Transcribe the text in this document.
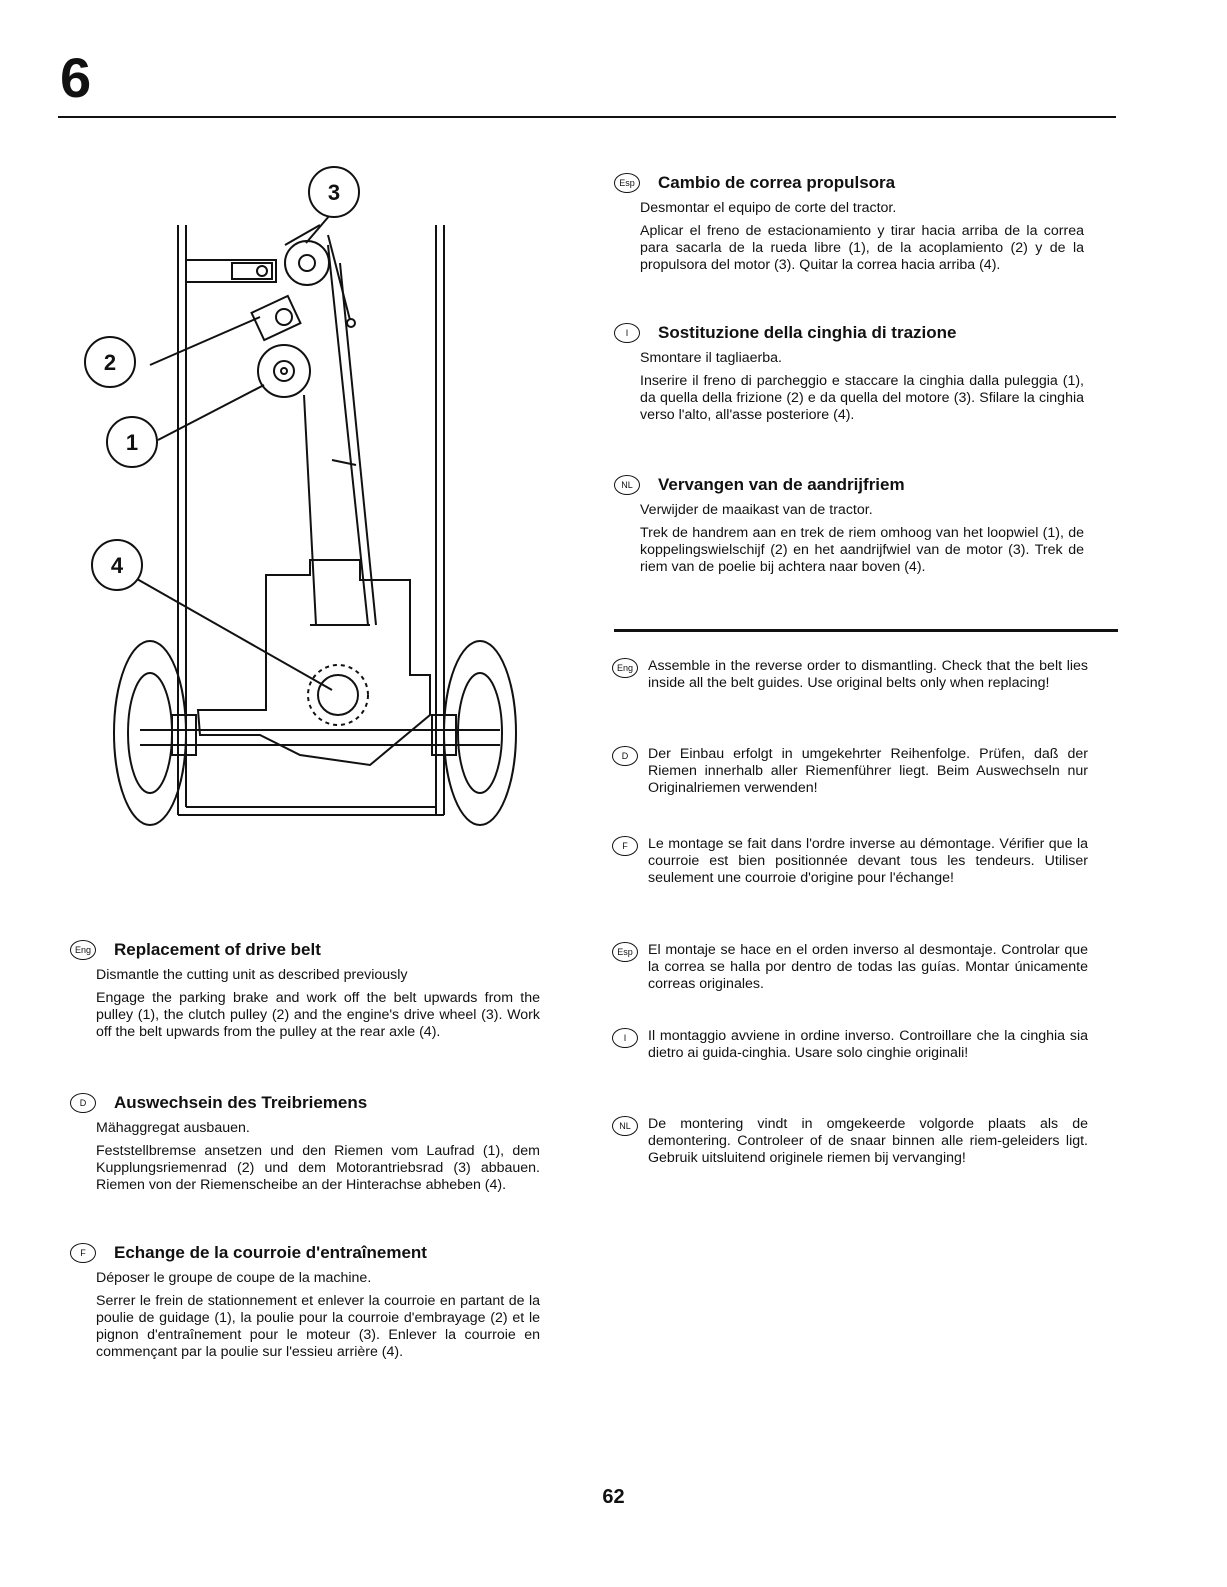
6
3
2
1
4
Esp	Cambio de correa propulsora

Desmontar el equipo de corte del tractor.

Aplicar el freno de estacionamiento y tirar hacia arriba de la correa para sacarla de la rueda libre (1), de la acoplamiento (2) y de la propulsora del motor (3). Quitar la correa hacia arriba (4).

I	Sostituzione della cinghia di trazione

Smontare il tagliaerba.

Inserire il freno di parcheggio e staccare la cinghia dalla puleggia (1), da quella della frizione (2) e da quella del motore (3). Sfilare la cinghia verso l'alto, all'asse posteriore (4).

NL	Vervangen van de aandrijfriem

Verwijder de maaikast van de tractor.

Trek de handrem aan en trek de riem omhoog van het loopwiel (1), de koppelingswielschijf (2) en het aandrijfwiel van de motor (3). Trek de riem van de poelie bij achtera naar boven (4).

Eng	Assemble in the reverse order to dismantling. Check that the belt lies inside all the belt guides. Use original belts only when replacing!

D	Der Einbau erfolgt in umgekehrter Reihenfolge. Prüfen, daß der Riemen innerhalb aller Riemenführer liegt. Beim Auswechseln nur Originalriemen verwenden!

F	Le montage se fait dans l'ordre inverse au démontage. Vérifier que la courroie est bien positionnée devant tous les tendeurs. Utiliser seulement une courroie d'origine pour l'échange!

Esp	El montaje se hace en el orden inverso al desmontaje. Controlar que la correa se halla por dentro de todas las guías. Montar únicamente correas originales.

I	Il montaggio avviene in ordine inverso. Controillare che la cinghia sia dietro ai guida-cinghia. Usare solo cinghie originali!

NL	De montering vindt in omgekeerde volgorde plaats als de demontering. Controleer of de snaar binnen alle riem-geleiders ligt. Gebruik uitsluitend originele riemen bij vervanging!

Eng Replacement of drive belt

Dismantle the cutting unit as described previously

Engage the parking brake and work off the belt upwards from the pulley (1), the clutch pulley (2) and the engine's drive wheel (3). Work off the belt upwards from the pulley at the rear axle (4).

D	Auswechsein des Treibriemens

Mähaggregat ausbauen.

Feststellbremse ansetzen und den Riemen vom Laufrad (1), dem Kupplungsriemenrad (2) und dem Motorantriebsrad (3) abbauen. Riemen von der Riemenscheibe an der Hinterachse abheben (4).

F	Echange de la courroie d'entraînement

Déposer le groupe de coupe de la machine.

Serrer le frein de stationnement et enlever la courroie en partant de la poulie de guidage (1), la poulie pour la courroie d'embrayage (2) et le pignon d'entraînement pour le moteur (3). Enlever la courroie en commençant par la poulie sur l'essieu arrière (4).

62
